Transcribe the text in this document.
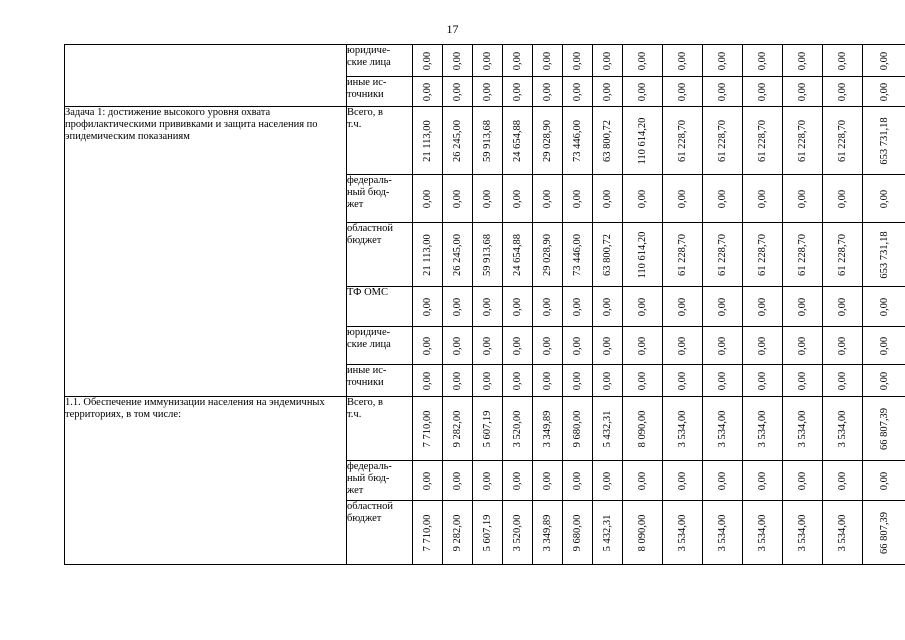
17

	юридиче-
ские лица	0,00	0,00	0,00	0,00	0,00	0,00	0,00	0,00	0,00	0,00	0,00	0,00	0,00	0,00

	иные ис-
точники	0,00	0,00	0,00	0,00	0,00	0,00	0,00	0,00	0,00	0,00	0,00	0,00	0,00	0,00

Задача 1: достижение высокого уровня охвата профилактическими прививками и защита населения по эпидемическим показаниям	Всего, в
т.ч.	21 113,00	26 245,00	59 913,68	24 654,88	29 028,90	73 446,00	63 800,72	110 614,20	61 228,70	61 228,70	61 228,70	61 228,70	61 228,70	653 731,18

	федераль-
ный бюд-
жет	0,00	0,00	0,00	0,00	0,00	0,00	0,00	0,00	0,00	0,00	0,00	0,00	0,00	0,00

	областной
бюджет	21 113,00	26 245,00	59 913,68	24 654,88	29 028,90	73 446,00	63 800,72	110 614,20	61 228,70	61 228,70	61 228,70	61 228,70	61 228,70	653 731,18

	ТФ ОМС	0,00	0,00	0,00	0,00	0,00	0,00	0,00	0,00	0,00	0,00	0,00	0,00	0,00	0,00

	юридиче-
ские лица	0,00	0,00	0,00	0,00	0,00	0,00	0,00	0,00	0,00	0,00	0,00	0,00	0,00	0,00

	иные ис-
точники	0,00	0,00	0,00	0,00	0,00	0,00	0,00	0,00	0,00	0,00	0,00	0,00	0,00	0,00

1.1. Обеспечение иммунизации населения на эндемичных территориях, в том числе:	Всего, в
т.ч.	7 710,00	9 282,00	5 607,19	3 520,00	3 349,89	9 680,00	5 432,31	8 090,00	3 534,00	3 534,00	3 534,00	3 534,00	3 534,00	66 807,39

	федераль-
ный бюд-
жет	0,00	0,00	0,00	0,00	0,00	0,00	0,00	0,00	0,00	0,00	0,00	0,00	0,00	0,00

	областной
бюджет	7 710,00	9 282,00	5 607,19	3 520,00	3 349,89	9 680,00	5 432,31	8 090,00	3 534,00	3 534,00	3 534,00	3 534,00	3 534,00	66 807,39
